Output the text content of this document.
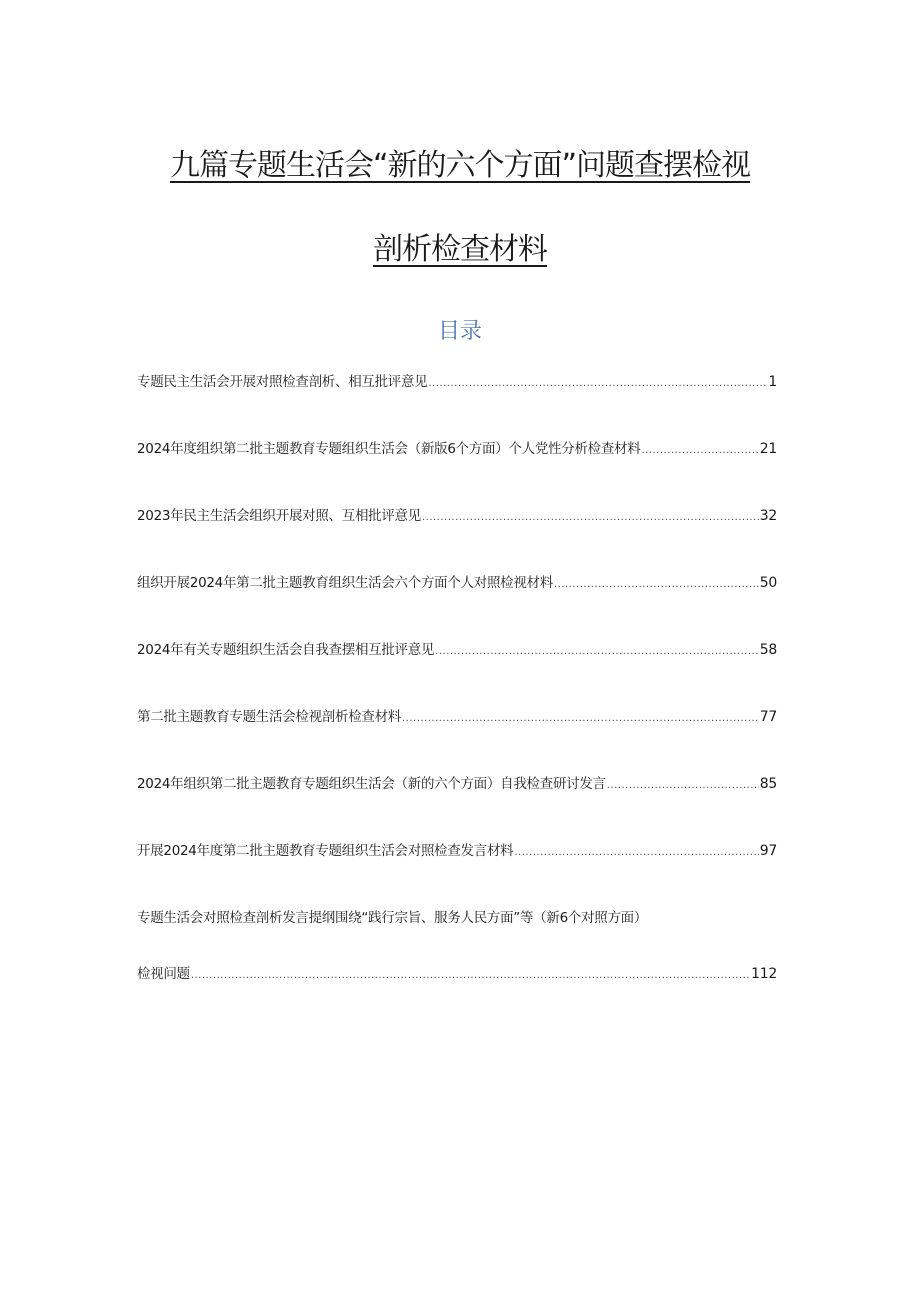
九篇专题生活会“新的六个方面”问题查摆检视
剖析检查材料
目录
专题民主生活会开展对照检查剖析、相互批评意见 .....	1
2024年度组织第二批主题教育专题组织生活会（新版6个方面）个人党性分析检查材料 .....	21
2023年民主生活会组织开展对照、互相批评意见 .....	32
组织开展2024年第二批主题教育组织生活会六个方面个人对照检视材料 .....	50
2024年有关专题组织生活会自我查摆相互批评意见 .....	58
第二批主题教育专题生活会检视剖析检查材料 .....	77
2024年组织第二批主题教育专题组织生活会（新的六个方面）自我检查研讨发言 .....	85
开展2024年度第二批主题教育专题组织生活会对照检查发言材料 .....	97
专题生活会对照检查剖析发言提纲围绕“践行宗旨、服务人民方面”等（新6个对照方面）
检视问题 .....	112
